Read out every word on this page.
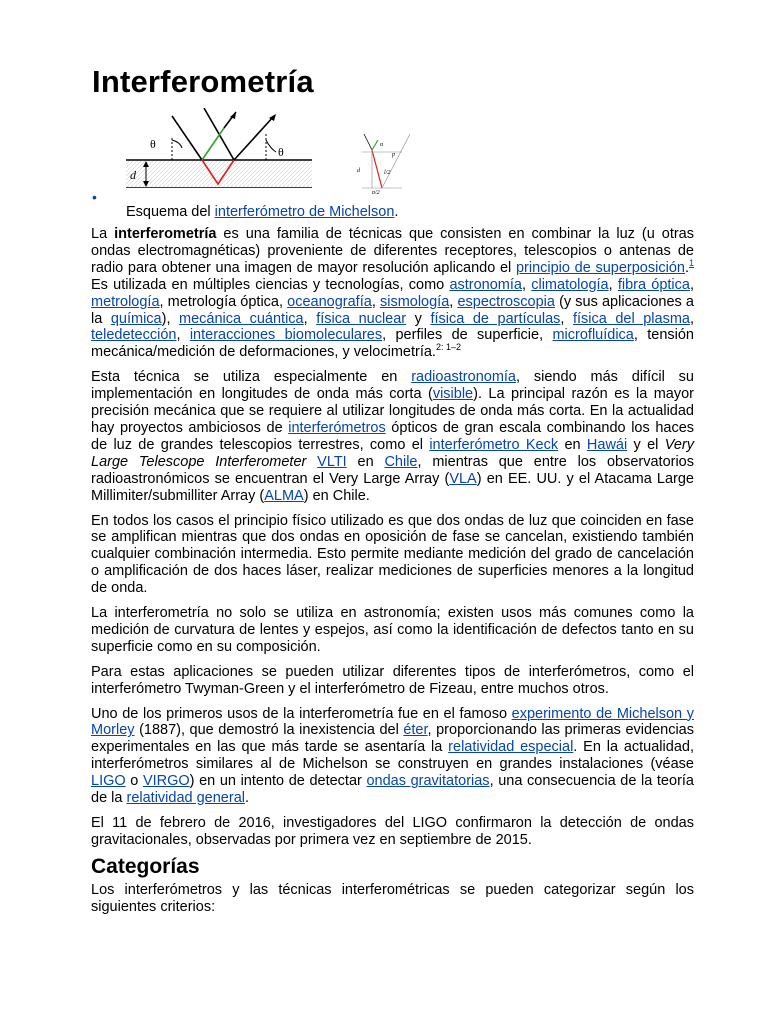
Interferometría
•
θ
θ
d	d
α
p
l/2
p/2
Esquema del interferómetro de Michelson.

La interferometría es una familia de técnicas que consisten en combinar la luz (u otras ondas electromagnéticas) proveniente de diferentes receptores, telescopios o antenas de radio para obtener una imagen de mayor resolución aplicando el principio de superposición.$^1$ Es utilizada en múltiples ciencias y tecnologías, como astronomía, climatología, fibra óptica, metrología, metrología óptica, oceanografía, sismología, espectroscopia (y sus aplicaciones a la química), mecánica cuántica, física nuclear y física de partículas, física del plasma, teledetección, interacciones biomoleculares, perfiles de superficie, microfluídica, tensión mecánica/medición de deformaciones, y velocimetría.$^{2: 1-2}$

Esta técnica se utiliza especialmente en radioastronomía, siendo más difícil su implementación en longitudes de onda más corta (visible). La principal razón es la mayor precisión mecánica que se requiere al utilizar longitudes de onda más corta. En la actualidad hay proyectos ambiciosos de interferómetros ópticos de gran escala combinando los haces de luz de grandes telescopios terrestres, como el interferómetro Keck en Hawái y el Very Large Telescope Interferometer VLTI en Chile, mientras que entre los observatorios radioastronómicos se encuentran el Very Large Array (VLA) en EE. UU. y el Atacama Large Millimiter/submilliter Array (ALMA) en Chile.

En todos los casos el principio físico utilizado es que dos ondas de luz que coinciden en fase se amplifican mientras que dos ondas en oposición de fase se cancelan, existiendo también cualquier combinación intermedia. Esto permite mediante medición del grado de cancelación o amplificación de dos haces láser, realizar mediciones de superficies menores a la longitud de onda.

La interferometría no solo se utiliza en astronomía; existen usos más comunes como la medición de curvatura de lentes y espejos, así como la identificación de defectos tanto en su superficie como en su composición.

Para estas aplicaciones se pueden utilizar diferentes tipos de interferómetros, como el interferómetro Twyman-Green y el interferómetro de Fizeau, entre muchos otros.

Uno de los primeros usos de la interferometría fue en el famoso experimento de Michelson y Morley (1887), que demostró la inexistencia del éter, proporcionando las primeras evidencias experimentales en las que más tarde se asentaría la relatividad especial. En la actualidad, interferómetros similares al de Michelson se construyen en grandes instalaciones (véase LIGO o VIRGO) en un intento de detectar ondas gravitatorias, una consecuencia de la teoría de la relatividad general.

El 11 de febrero de 2016, investigadores del LIGO confirmaron la detección de ondas gravitacionales, observadas por primera vez en septiembre de 2015.

Categorías

Los interferómetros y las técnicas interferométricas se pueden categorizar según los siguientes criterios:
